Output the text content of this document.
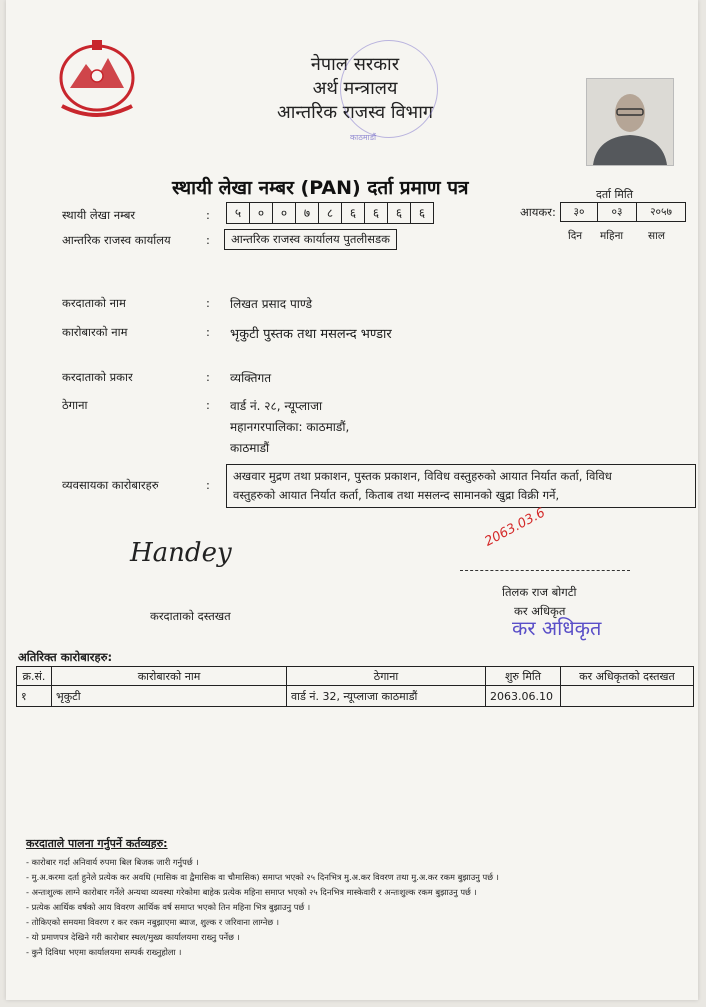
नेपाल सरकार
अर्थ मन्त्रालय
आन्तरिक राजस्व विभाग
काठमाडौं
स्थायी लेखा नम्बर (PAN) दर्ता प्रमाण पत्र	दर्ता मिति
आयकर:	३०	०३	२०५७
दिन महिना साल
स्थायी लेखा नम्बर	:	५	०	०	७	८	६	६	६	६
आन्तरिक राजस्व कार्यालय	:	आन्तरिक राजस्व कार्यालय पुतलीसडक
करदाताको नाम	: लिखत प्रसाद पाण्डे
कारोबारको नाम	: भृकुटी पुस्तक तथा मसलन्द भण्डार
करदाताको प्रकार	: व्यक्तिगत
ठेगाना	: वार्ड नं. २८, न्यूप्लाजा
महानगरपालिका: काठमाडौं,
काठमाडौं
व्यवसायका कारोबारहरु	:
अखवार मुद्रण तथा प्रकाशन, पुस्तक प्रकाशन, विविध वस्तुहरुको आयात निर्यात कर्ता, विविध
वस्तुहरुको आयात निर्यात कर्ता, किताब तथा मसलन्द सामानको खुद्रा विक्री गर्ने,
Handey
करदाताको दस्तखत
2063.03.6
तिलक राज बोगटी
कर अधिकृत
कर अधिकृत
अतिरिक्त कारोबारहरु:
क्र.सं.	कारोबारको नाम	ठेगाना	शुरु मिति	कर अधिकृतको दस्तखत
१	भृकुटी	वार्ड नं. 32, न्यूप्लाजा काठमाडौं	2063.06.10	
करदाताले पालना गर्नुपर्ने कर्तव्यहरु:
- कारोबार गर्दा अनिवार्य रुपमा बिल बिजक जारी गर्नुपर्छ ।
- मु.अ.करमा दर्ता हुनेले प्रत्येक कर अवधि (मासिक वा द्वैमासिक वा चौमासिक) समाप्त भएको २५ दिनभित्र मु.अ.कर विवरण तथा मु.अ.कर रकम बुझाउनु पर्छ ।
- अन्तःशुल्क लाग्ने कारोबार गर्नेले अन्यथा व्यवस्था गरेकोमा बाहेक प्रत्येक महिना समाप्त भएको २५ दिनभित्र मास्केवारी र अन्तःशुल्क रकम बुझाउनु पर्छ ।
- प्रत्येक आर्थिक वर्षको आय विवरण आर्थिक वर्ष समाप्त भएको तिन महिना भित्र बुझाउनु पर्छ ।
- तोकिएको समयमा विवरण र कर रकम नबुझाएमा ब्याज, शुल्क र जरिवाना लाग्नेछ ।
- यो प्रमाणपत्र देखिने गरी कारोबार स्थल/मुख्य कार्यालयमा राख्नु पर्नेछ ।
- कुनै दिविधा भएमा कार्यालयमा सम्पर्क राख्नुहोला ।
